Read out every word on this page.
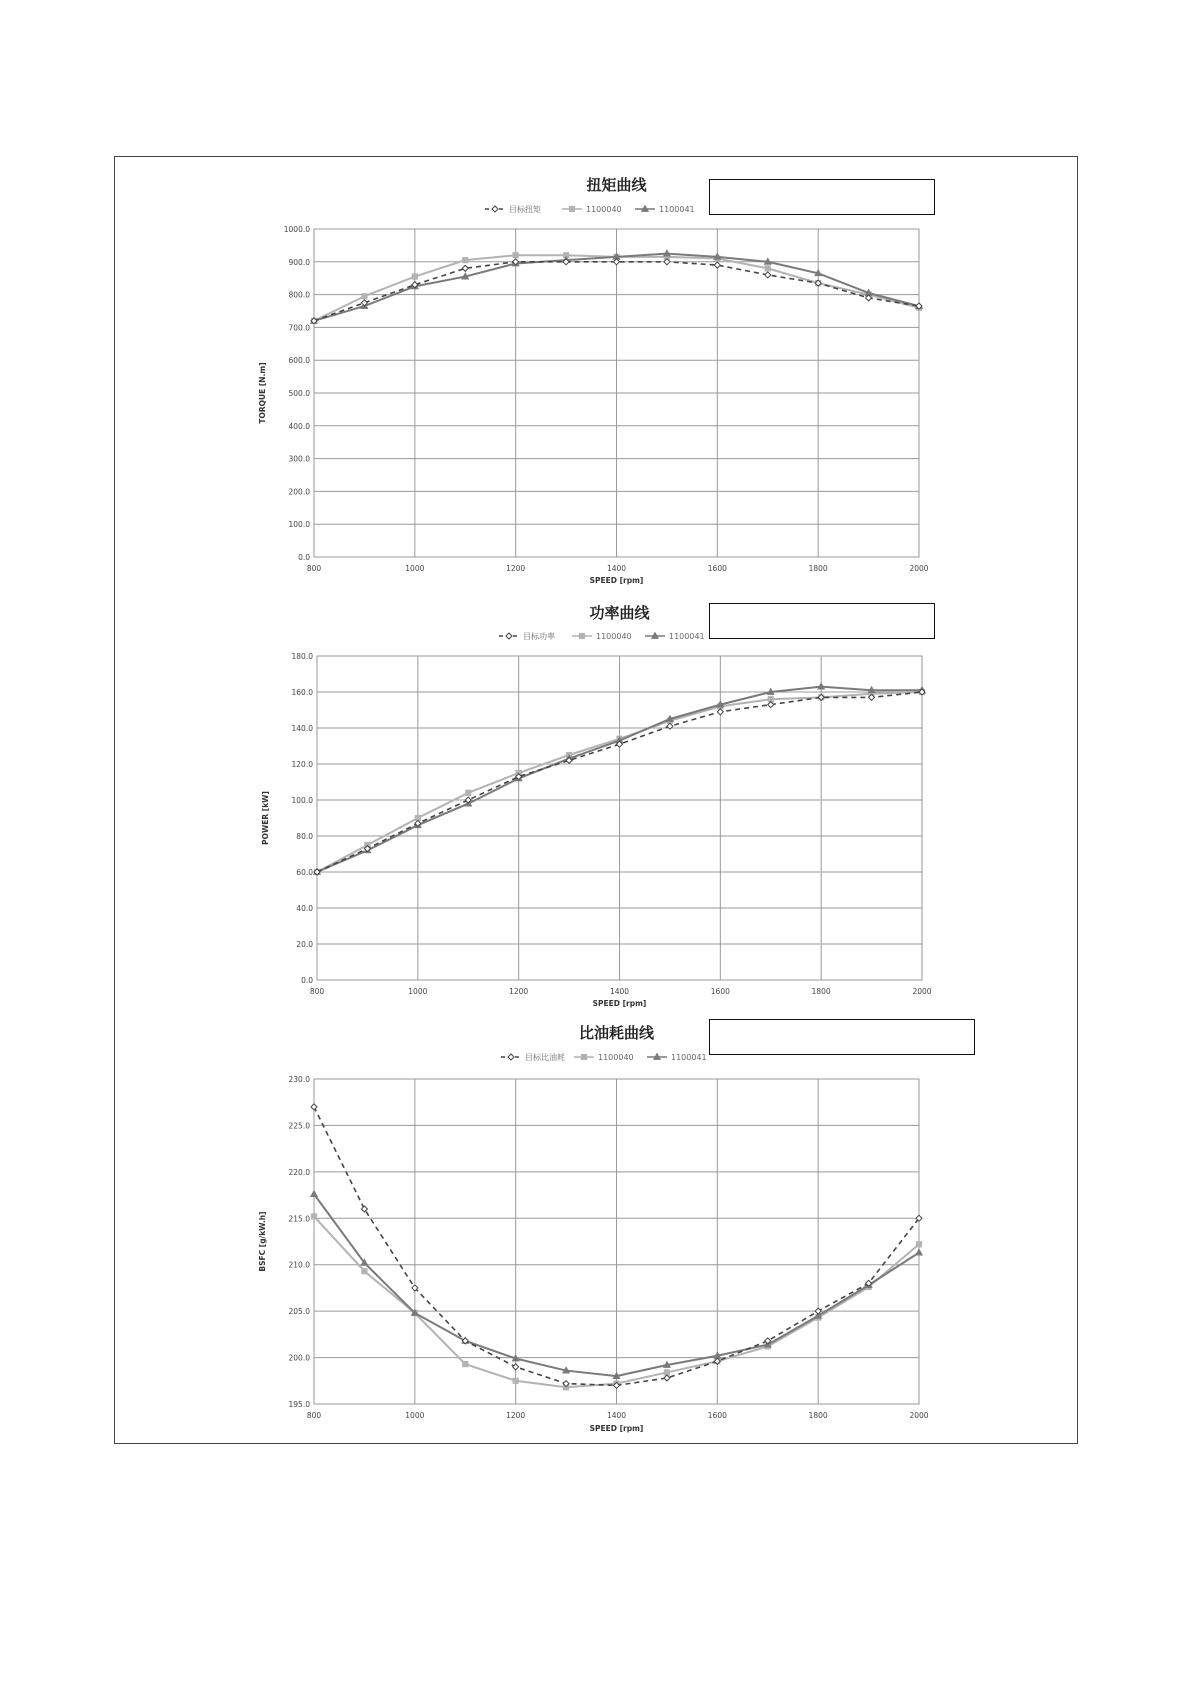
扭矩曲线
目标扭矩	1100040	1100041
0.0
100.0
200.0
300.0
400.0
500.0
600.0
700.0
800.0
900.0
1000.0
800	1000	1200	1400	1600	1800	2000
SPEED [rpm]
TORQUE [N.m]
功率曲线
目标功率	1100040	1100041
0.0
20.0
40.0
60.0
80.0
100.0
120.0
140.0
160.0
180.0
800	1000	1200	1400	1600	1800	2000
SPEED [rpm]
POWER [kW]
比油耗曲线
目标比油耗	1100040	1100041
195.0
200.0
205.0
210.0
215.0
220.0
225.0
230.0
800	1000	1200	1400	1600	1800	2000
SPEED [rpm]
BSFC [g/kW.h]
